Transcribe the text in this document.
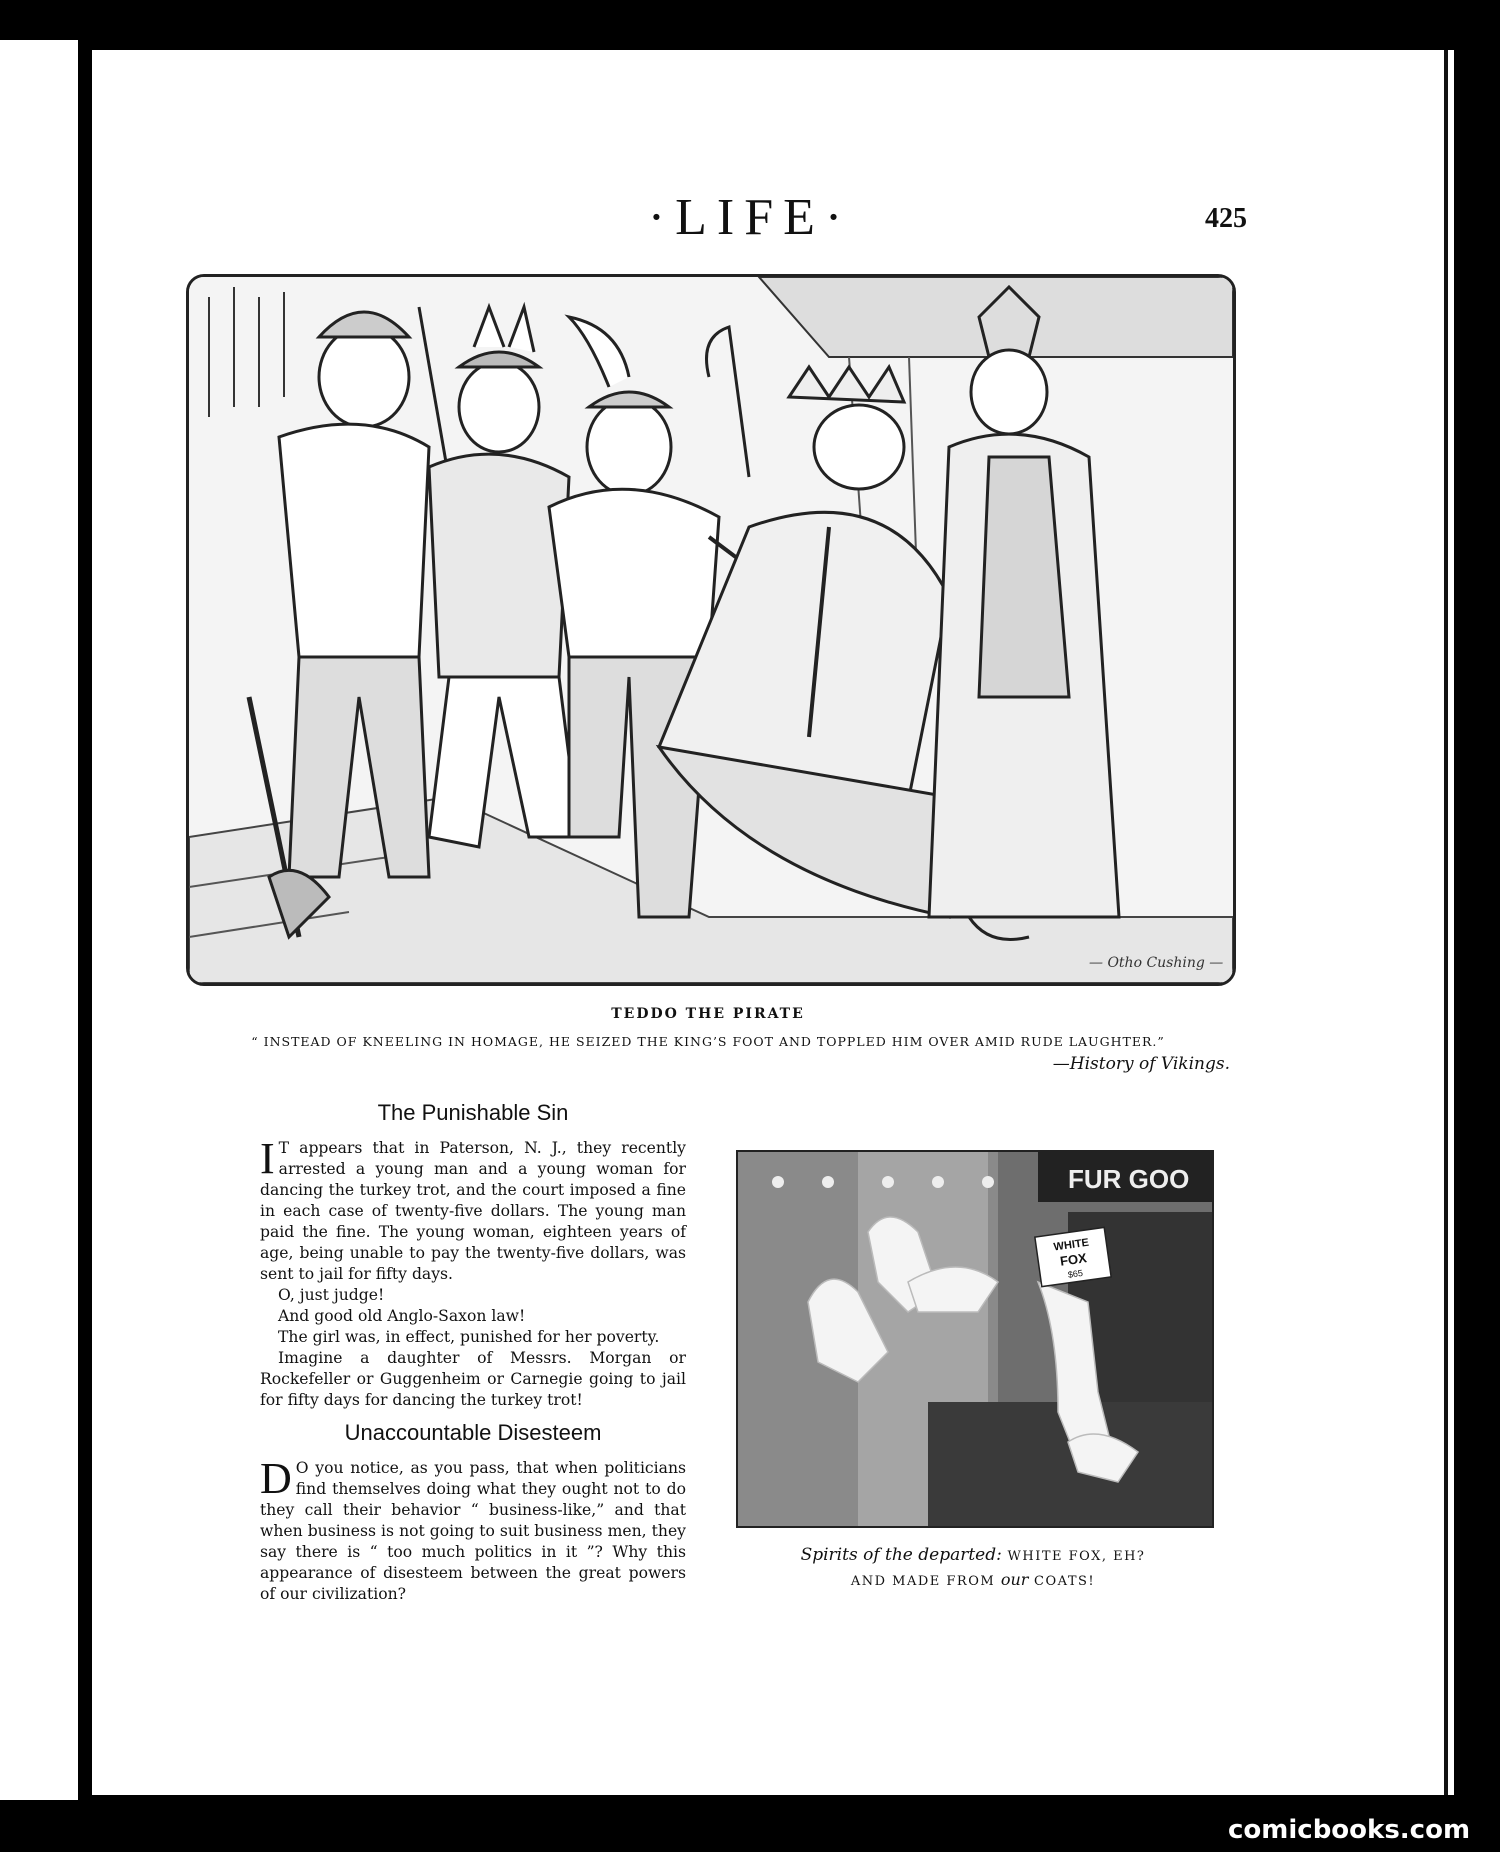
·LIFE·	425
— Otho Cushing —
TEDDO THE PIRATE
“ INSTEAD OF KNEELING IN HOMAGE, HE SEIZED THE KING’S FOOT AND TOPPLED HIM OVER AMID RUDE LAUGHTER.”
—History of Vikings.
The Punishable Sin

I T appears that in Paterson, N. J., they recently arrested a young man and a young woman for dancing the turkey trot, and the court imposed a fine in each case of twenty-five dollars. The young man paid the fine. The young woman, eighteen years of age, being unable to pay the twenty-five dollars, was sent to jail for fifty days.

O, just judge!

And good old Anglo-Saxon law!

The girl was, in effect, punished for her poverty.

Imagine a daughter of Messrs. Morgan or Rockefeller or Guggenheim or Carnegie going to jail for fifty days for dancing the turkey trot!

Unaccountable Disesteem

D O you notice, as you pass, that when politicians find themselves doing what they ought not to do they call their behavior “ business-like,” and that when business is not going to suit business men, they say there is “ too much politics in it ”? Why this appearance of disesteem between the great powers of our civilization?

FUR GOO
WHITE
FOX
$65
Spirits of the departed: WHITE FOX, EH?
AND MADE FROM our COATS!
comicbooks.com
